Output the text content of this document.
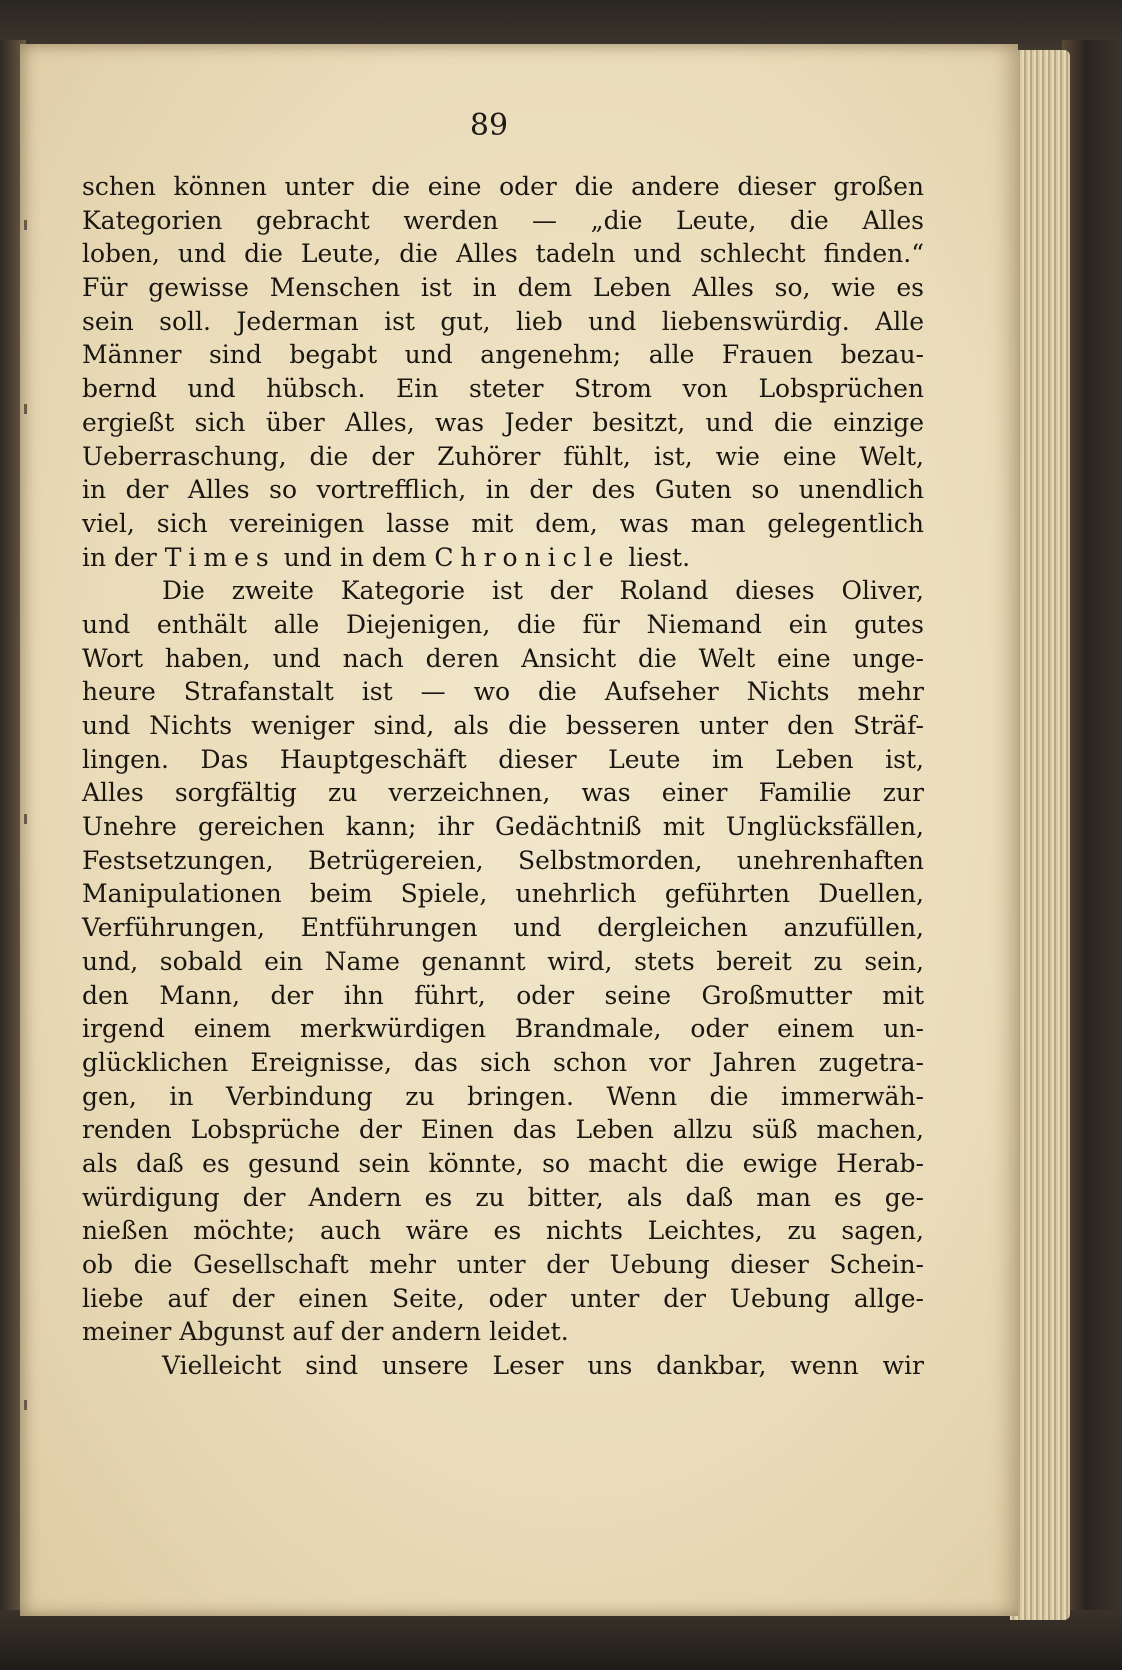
89
schen können unter die eine oder die andere dieser großen
Kategorien gebracht werden — „die Leute, die Alles
loben, und die Leute, die Alles tadeln und schlecht finden.“
Für gewisse Menschen ist in dem Leben Alles so, wie es
sein soll. Jederman ist gut, lieb und liebenswürdig. Alle
Männer sind begabt und angenehm; alle Frauen bezau-
bernd und hübsch. Ein steter Strom von Lobsprüchen
ergießt sich über Alles, was Jeder besitzt, und die einzige
Ueberraschung, die der Zuhörer fühlt, ist, wie eine Welt,
in der Alles so vortrefflich, in der des Guten so unendlich
viel, sich vereinigen lasse mit dem, was man gelegentlich
in der Times und in dem Chronicle liest.
Die zweite Kategorie ist der Roland dieses Oliver,
und enthält alle Diejenigen, die für Niemand ein gutes
Wort haben, und nach deren Ansicht die Welt eine unge-
heure Strafanstalt ist — wo die Aufseher Nichts mehr
und Nichts weniger sind, als die besseren unter den Sträf-
lingen. Das Hauptgeschäft dieser Leute im Leben ist,
Alles sorgfältig zu verzeichnen, was einer Familie zur
Unehre gereichen kann; ihr Gedächtniß mit Unglücksfällen,
Festsetzungen, Betrügereien, Selbstmorden, unehrenhaften
Manipulationen beim Spiele, unehrlich geführten Duellen,
Verführungen, Entführungen und dergleichen anzufüllen,
und, sobald ein Name genannt wird, stets bereit zu sein,
den Mann, der ihn führt, oder seine Großmutter mit
irgend einem merkwürdigen Brandmale, oder einem un-
glücklichen Ereignisse, das sich schon vor Jahren zugetra-
gen, in Verbindung zu bringen. Wenn die immerwäh-
renden Lobsprüche der Einen das Leben allzu süß machen,
als daß es gesund sein könnte, so macht die ewige Herab-
würdigung der Andern es zu bitter, als daß man es ge-
nießen möchte; auch wäre es nichts Leichtes, zu sagen,
ob die Gesellschaft mehr unter der Uebung dieser Schein-
liebe auf der einen Seite, oder unter der Uebung allge-
meiner Abgunst auf der andern leidet.
Vielleicht sind unsere Leser uns dankbar, wenn wir
